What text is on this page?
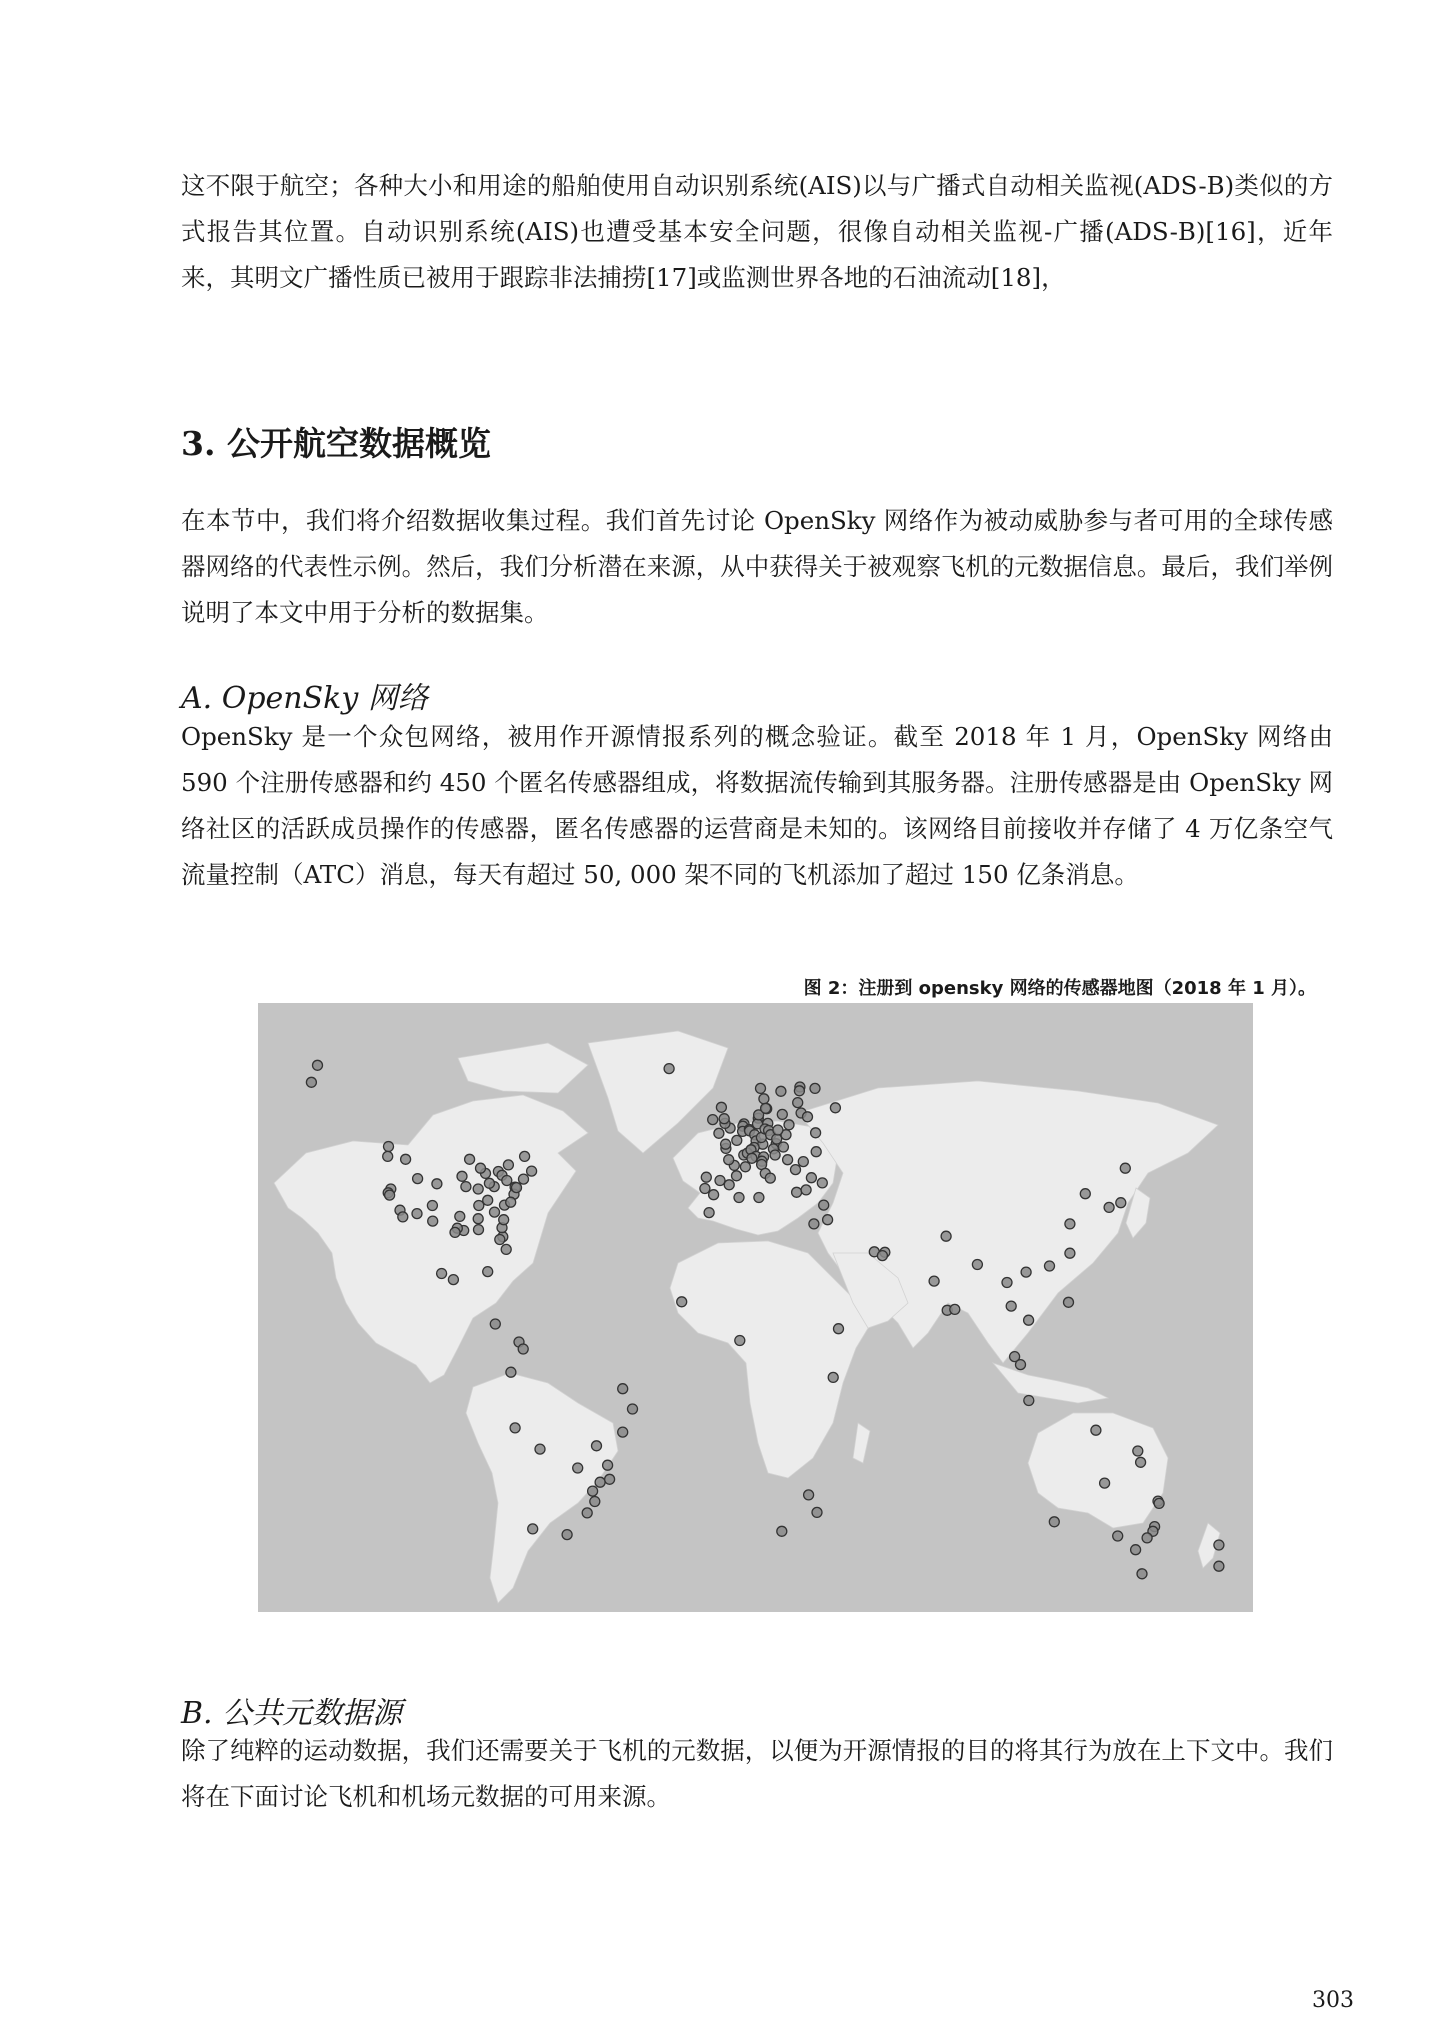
这不限于航空；各种大小和用途的船舶使用自动识别系统(AIS)以与广播式自动相关监视(ADS-B)类似的方式报告其位置。自动识别系统(AIS)也遭受基本安全问题，很像自动相关监视-广播(ADS-B)[16]，近年来，其明文广播性质已被用于跟踪非法捕捞[17]或监测世界各地的石油流动[18]，

3. 公开航空数据概览

在本节中，我们将介绍数据收集过程。我们首先讨论 OpenSky 网络作为被动威胁参与者可用的全球传感器网络的代表性示例。然后，我们分析潜在来源，从中获得关于被观察飞机的元数据信息。最后，我们举例说明了本文中用于分析的数据集。

A. OpenSky 网络

OpenSky 是一个众包网络，被用作开源情报系列的概念验证。截至 2018 年 1 月，OpenSky 网络由 590 个注册传感器和约 450 个匿名传感器组成，将数据流传输到其服务器。注册传感器是由 OpenSky 网络社区的活跃成员操作的传感器，匿名传感器的运营商是未知的。该网络目前接收并存储了 4 万亿条空气流量控制（ATC）消息，每天有超过 50, 000 架不同的飞机添加了超过 150 亿条消息。

图 2：注册到 opensky 网络的传感器地图（2018 年 1 月）。
B. 公共元数据源

除了纯粹的运动数据，我们还需要关于飞机的元数据，以便为开源情报的目的将其行为放在上下文中。我们将在下面讨论飞机和机场元数据的可用来源。

303
